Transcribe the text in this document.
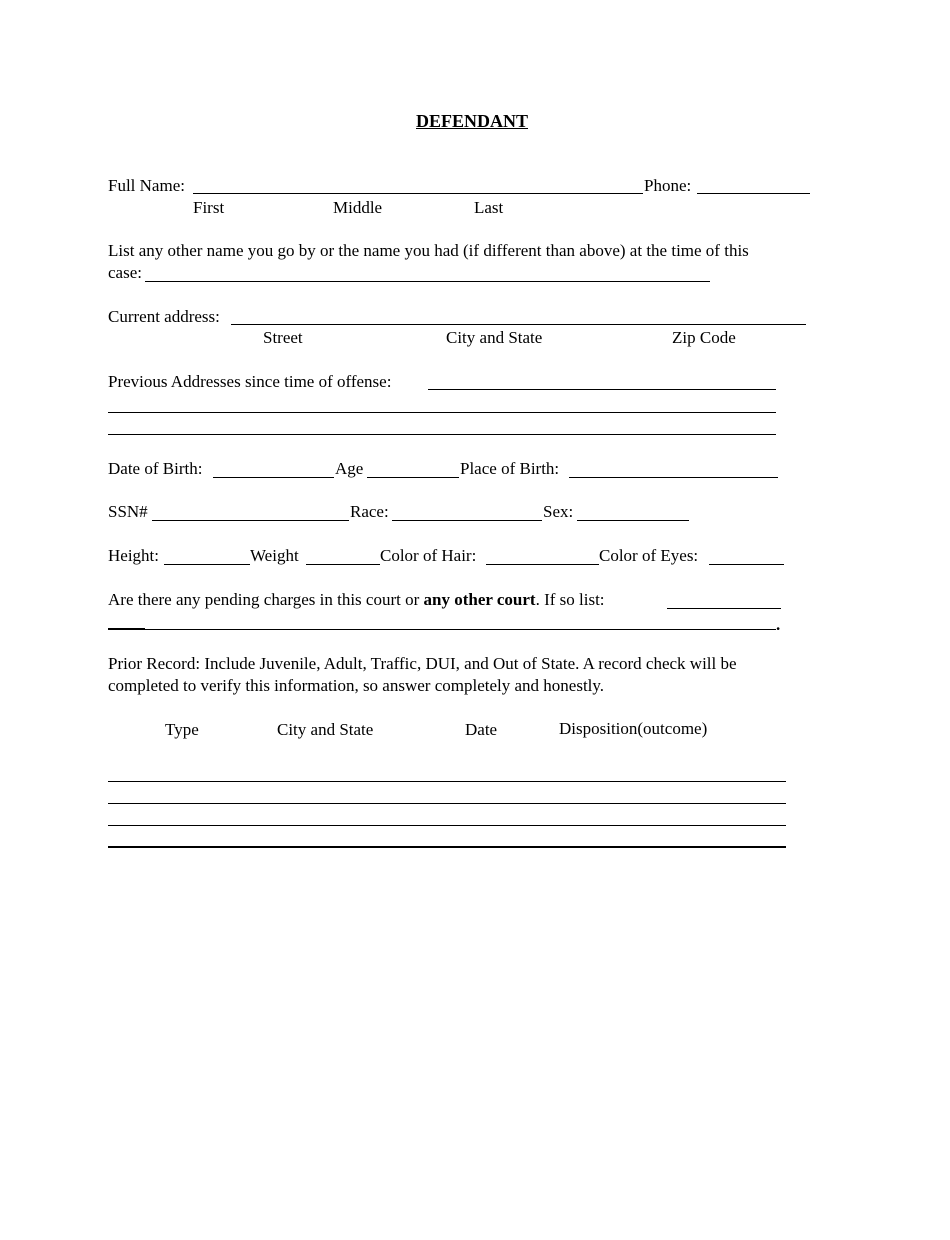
DEFENDANT
Full Name:	Phone:
First	Middle	Last
List any other name you go by or the name you had (if different than above) at the time of this
case:
Current address:
Street	City and State	Zip Code
Previous Addresses since time of offense:
Date of Birth:	Age	Place of Birth:
SSN#	Race:	Sex:
Height:	Weight	Color of Hair:	Color of Eyes:
Are there any pending charges in this court or any other court. If so list:
.
Prior Record: Include Juvenile, Adult, Traffic, DUI, and Out of State. A record check will be
completed to verify this information, so answer completely and honestly.
Type	City and State	Date	Disposition(outcome)
